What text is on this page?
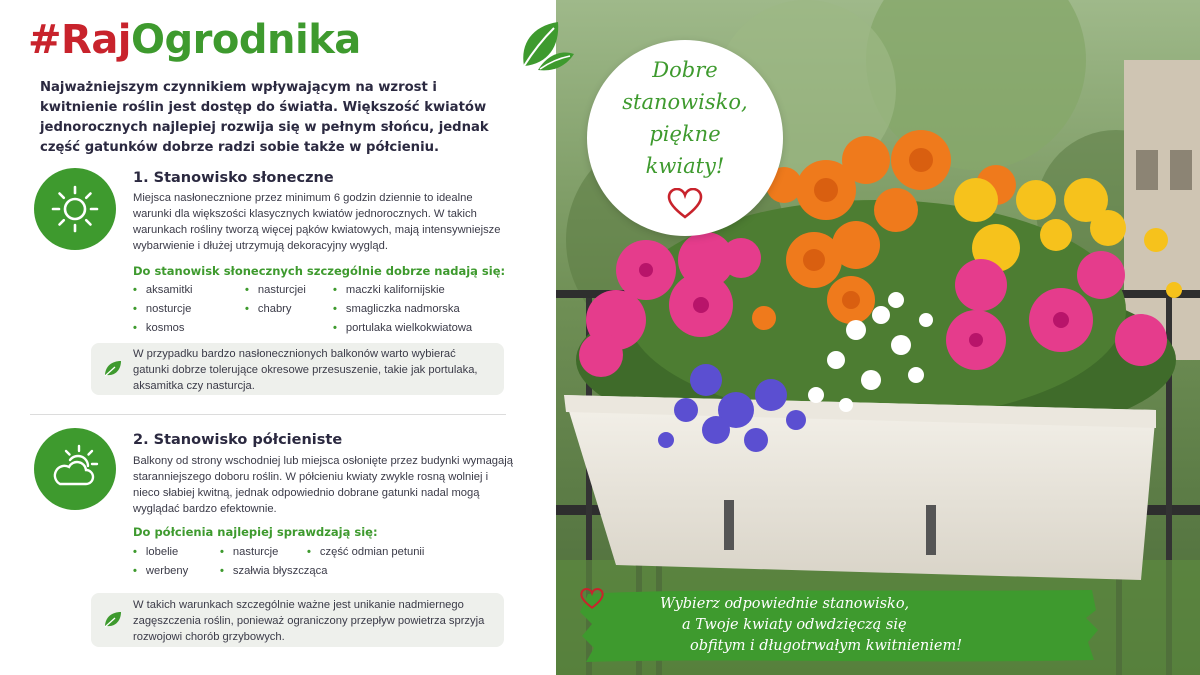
#RajOgrodnika

Najważniejszym czynnikiem wpływającym na wzrost i kwitnienie roślin jest dostęp do światła. Większość kwiatów jednorocznych najlepiej rozwija się w pełnym słońcu, jednak część gatunków dobrze radzi sobie także w półcieniu.

1. Stanowisko słoneczne

Miejsca nasłonecznione przez minimum 6 godzin dziennie to idealne warunki dla większości klasycznych kwiatów jednorocznych. W takich warunkach rośliny tworzą więcej pąków kwiatowych, mają intensywniejsze wybarwienie i dłużej utrzymują dekoracyjny wygląd.

Do stanowisk słonecznych szczególnie dobrze nadają się:

• aksamitki
• nosturcje
• kosmos
• nasturcjei
• chabry
• maczki kalifornijskie
• smagliczka nadmorska
• portulaka wielkokwiatowa

W przypadku bardzo nasłonecznionych balkonów warto wybierać gatunki dobrze tolerujące okresowe przesuszenie, takie jak portulaka, aksamitka czy nasturcja.

2. Stanowisko półcieniste

Balkony od strony wschodniej lub miejsca osłonięte przez budynki wymagają staranniejszego doboru roślin. W półcieniu kwiaty zwykle rosną wolniej i nieco słabiej kwitną, jednak odpowiednio dobrane gatunki nadal mogą wyglądać bardzo efektownie.

Do półcienia najlepiej sprawdzają się:

• lobelie
• werbeny
• nasturcje
• szałwia błyszcząca
• część odmian petunii

W takich warunkach szczególnie ważne jest unikanie nadmiernego zagęszczenia roślin, ponieważ ograniczony przepływ powietrza sprzyja rozwojowi chorób grzybowych.

Dobre
stanowisko,
piękne
kwiaty!
Wybierz odpowiednie stanowisko,
a Twoje kwiaty odwdzięczą się
obfitym i długotrwałym kwitnieniem!
